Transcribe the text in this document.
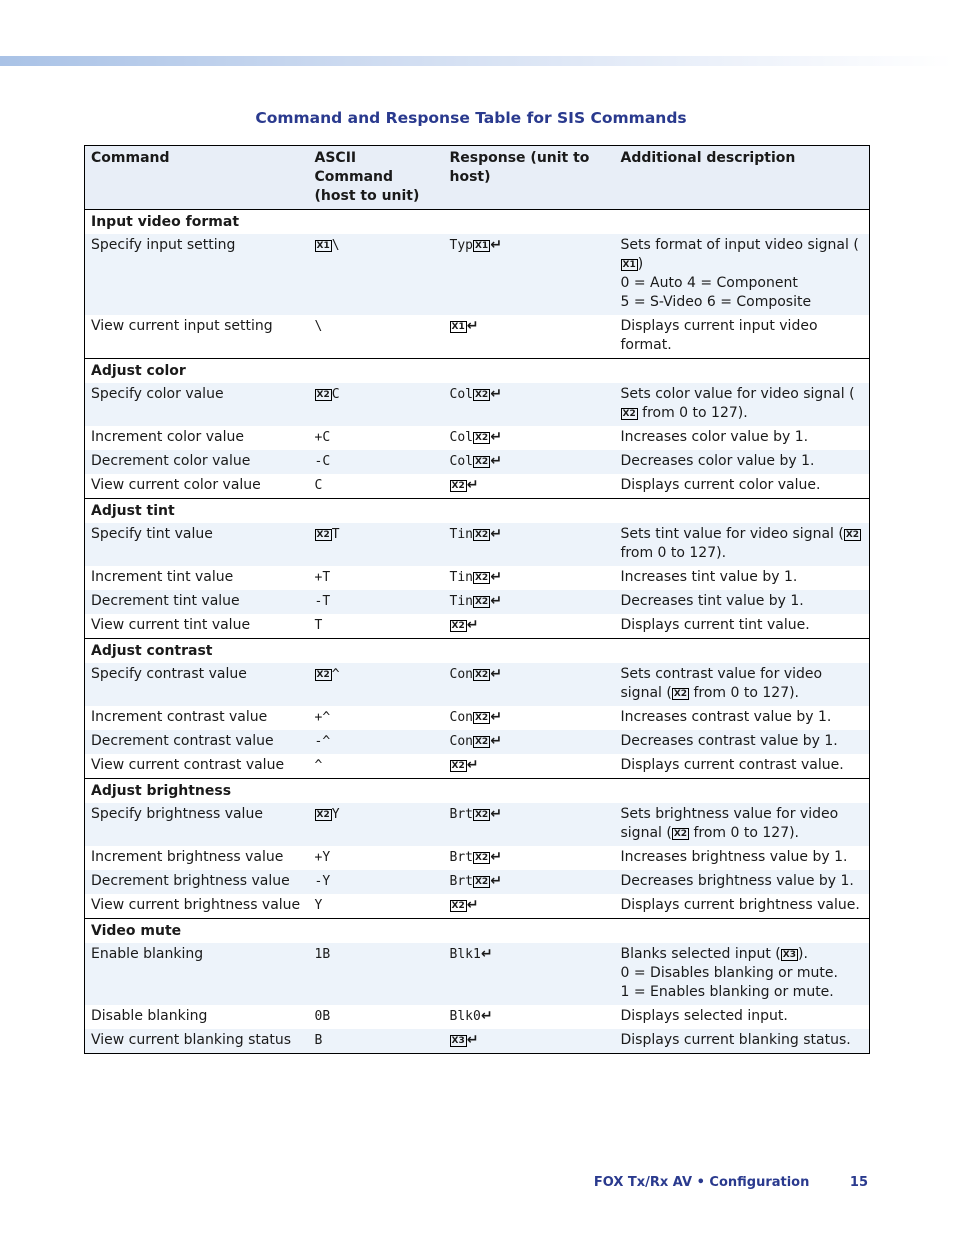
Command and Response Table for SIS Commands
Command	ASCII Command (host to unit)	Response (unit to host)	Additional description
Input video format			
Specify input setting	X1 \	Typ X1 ↵	Sets format of input video signal (X1 )
0 = Auto 4 = Component
5 = S-Video 6 = Composite
View current input setting	\	X1 ↵	Displays current input video format.
Adjust color			
Specify color value	X2 C	Col X2 ↵	Sets color value for video signal (X2 from 0 to 127).
Increment color value	+C	Col X2 ↵	Increases color value by 1.
Decrement color value	-C	Col X2 ↵	Decreases color value by 1.
View current color value	C	X2 ↵	Displays current color value.
Adjust tint			
Specify tint value	X2 T	Tin X2 ↵	Sets tint value for video signal ( X2 from 0 to 127).
Increment tint value	+T	Tin X2 ↵	Increases tint value by 1.
Decrement tint value	-T	Tin X2 ↵	Decreases tint value by 1.
View current tint value	T	X2 ↵	Displays current tint value.
Adjust contrast			
Specify contrast value	X2 ^	Con X2 ↵	Sets contrast value for video signal ( X2 from 0 to 127).
Increment contrast value	+^	Con X2 ↵	Increases contrast value by 1.
Decrement contrast value	-^	Con X2 ↵	Decreases contrast value by 1.
View current contrast value	^	X2 ↵	Displays current contrast value.
Adjust brightness			
Specify brightness value	X2 Y	Brt X2 ↵	Sets brightness value for video signal ( X2 from 0 to 127).
Increment brightness value	+Y	Brt X2 ↵	Increases brightness value by 1.
Decrement brightness value	-Y	Brt X2 ↵	Decreases brightness value by 1.
View current brightness value	Y	X2 ↵	Displays current brightness value.
Video mute			
Enable blanking	1B	Blk1↵	Blanks selected input ( X3 ).
0 = Disables blanking or mute.
1 = Enables blanking or mute.
Disable blanking	0B	Blk0↵	Displays selected input.
View current blanking status	B	X3 ↵	Displays current blanking status.
FOX Tx/Rx AV • Configuration	15
